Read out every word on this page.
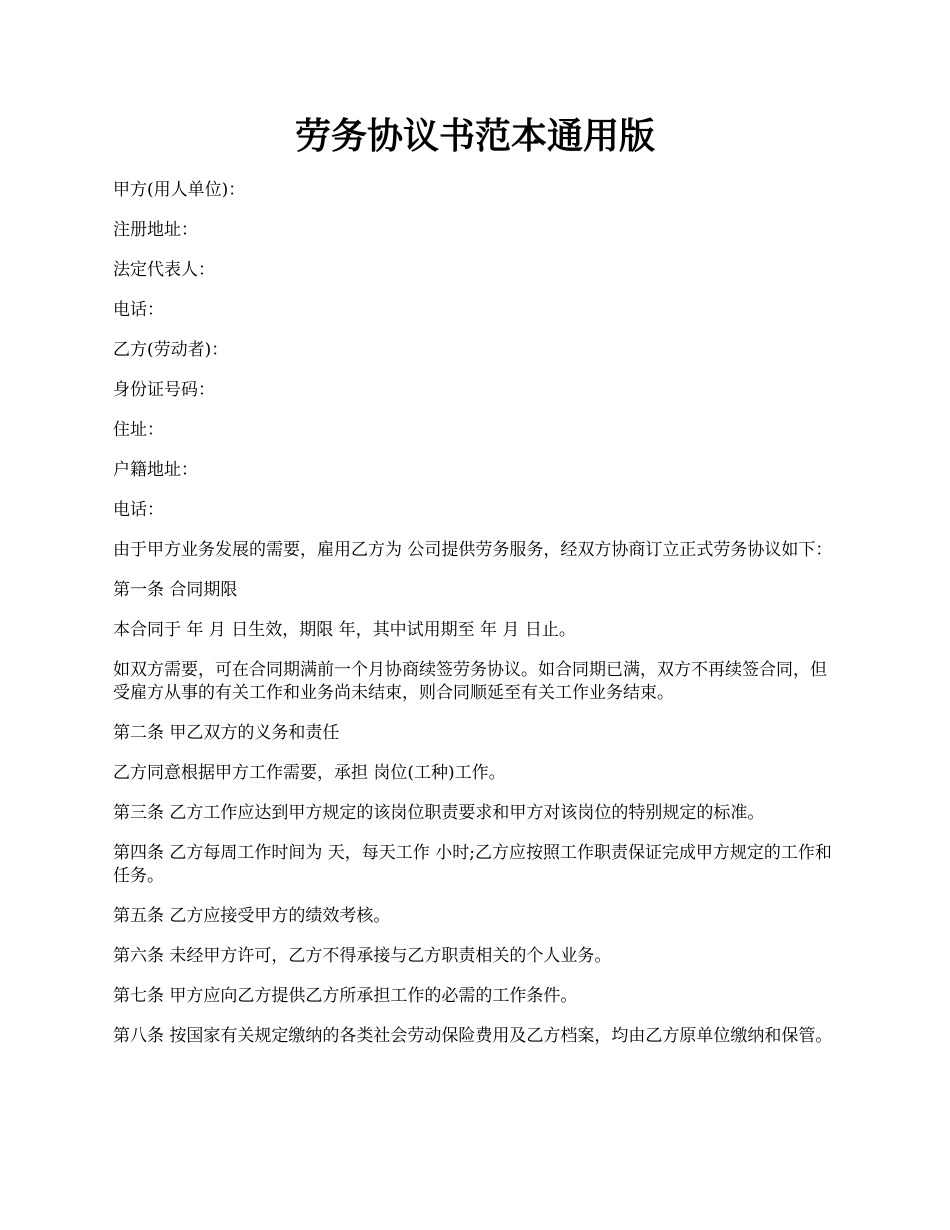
劳务协议书范本通用版

甲方(用人单位)：

注册地址：

法定代表人：

电话：

乙方(劳动者)：

身份证号码：

住址：

户籍地址：

电话：

由于甲方业务发展的需要，雇用乙方为 公司提供劳务服务，经双方协商订立正式劳务协议如下：

第一条 合同期限

本合同于 年 月 日生效，期限 年，其中试用期至 年 月 日止。

如双方需要，可在合同期满前一个月协商续签劳务协议。如合同期已满，双方不再续签合同，但受雇方从事的有关工作和业务尚未结束，则合同顺延至有关工作业务结束。

第二条 甲乙双方的义务和责任

乙方同意根据甲方工作需要，承担 岗位(工种)工作。

第三条 乙方工作应达到甲方规定的该岗位职责要求和甲方对该岗位的特别规定的标准。

第四条 乙方每周工作时间为 天，每天工作 小时;乙方应按照工作职责保证完成甲方规定的工作和任务。

第五条 乙方应接受甲方的绩效考核。

第六条 未经甲方许可，乙方不得承接与乙方职责相关的个人业务。

第七条 甲方应向乙方提供乙方所承担工作的必需的工作条件。

第八条 按国家有关规定缴纳的各类社会劳动保险费用及乙方档案，均由乙方原单位缴纳和保管。
